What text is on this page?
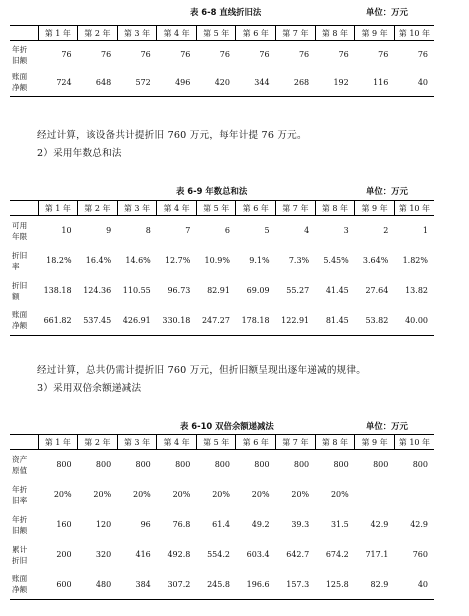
表 6-8 直线折旧法	单位：万元
	第 1 年	第 2 年	第 3 年	第 4 年	第 5 年	第 6 年	第 7 年	第 8 年	第 9 年	第 10 年

年折
旧额	76	76	76	76	76	76	76	76	76	76

账面
净额	724	648	572	496	420	344	268	192	116	40
经过计算，该设备共计提折旧 760 万元，每年计提 76 万元。
2）采用年数总和法
表 6-9 年数总和法	单位：万元
	第 1 年	第 2 年	第 3 年	第 4 年	第 5 年	第 6 年	第 7 年	第 8 年	第 9 年	第 10 年

可用
年限	10	9	8	7	6	5	4	3	2	1

折旧
率	18.2%	16.4%	14.6%	12.7%	10.9%	9.1%	7.3%	5.45%	3.64%	1.82%

折旧
额	138.18	124.36	110.55	96.73	82.91	69.09	55.27	41.45	27.64	13.82

账面
净额	661.82	537.45	426.91	330.18	247.27	178.18	122.91	81.45	53.82	40.00
经过计算，总共仍需计提折旧 760 万元，但折旧额呈现出逐年递减的规律。
3）采用双倍余额递减法
表 6-10 双倍余额递减法	单位：万元
	第 1 年	第 2 年	第 3 年	第 4 年	第 5 年	第 6 年	第 7 年	第 8 年	第 9 年	第 10 年

资产
原值	800	800	800	800	800	800	800	800	800	800

年折
旧率	20%	20%	20%	20%	20%	20%	20%	20%		

年折
旧额	160	120	96	76.8	61.4	49.2	39.3	31.5	42.9	42.9

累计
折旧	200	320	416	492.8	554.2	603.4	642.7	674.2	717.1	760

账面
净额	600	480	384	307.2	245.8	196.6	157.3	125.8	82.9	40
